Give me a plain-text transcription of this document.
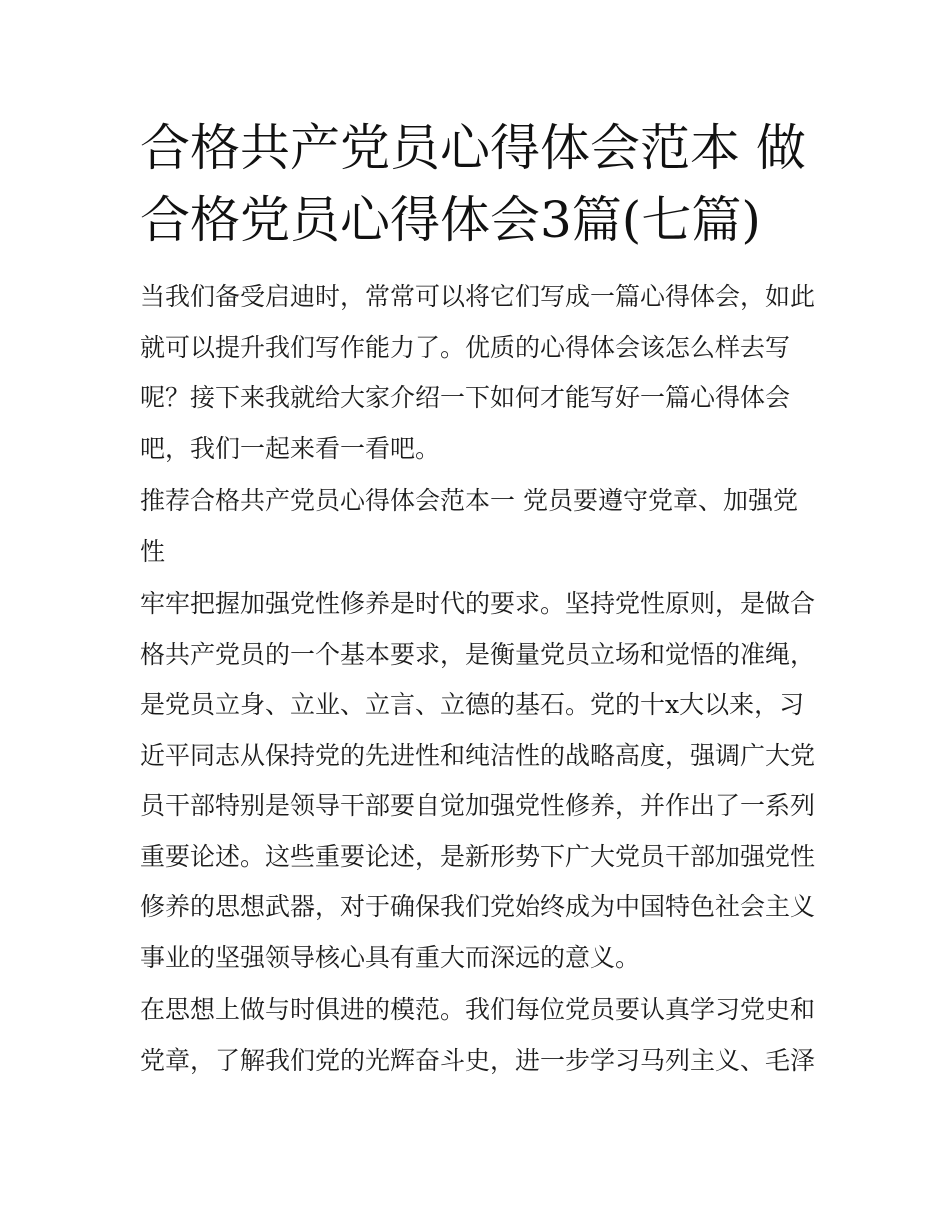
合格共产党员心得体会范本 做
合格党员心得体会3篇(七篇)

当我们备受启迪时，常常可以将它们写成一篇心得体会，如此
就可以提升我们写作能力了。优质的心得体会该怎么样去写
呢？接下来我就给大家介绍一下如何才能写好一篇心得体会
吧，我们一起来看一看吧。

推荐合格共产党员心得体会范本一 党员要遵守党章、加强党
性

牢牢把握加强党性修养是时代的要求。坚持党性原则，是做合
格共产党员的一个基本要求，是衡量党员立场和觉悟的准绳，
是党员立身、立业、立言、立德的基石。党的十x大以来，习
近平同志从保持党的先进性和纯洁性的战略高度，强调广大党
员干部特别是领导干部要自觉加强党性修养，并作出了一系列
重要论述。这些重要论述，是新形势下广大党员干部加强党性
修养的思想武器，对于确保我们党始终成为中国特色社会主义
事业的坚强领导核心具有重大而深远的意义。

在思想上做与时俱进的模范。我们每位党员要认真学习党史和
党章，了解我们党的光辉奋斗史，进一步学习马列主义、毛泽
